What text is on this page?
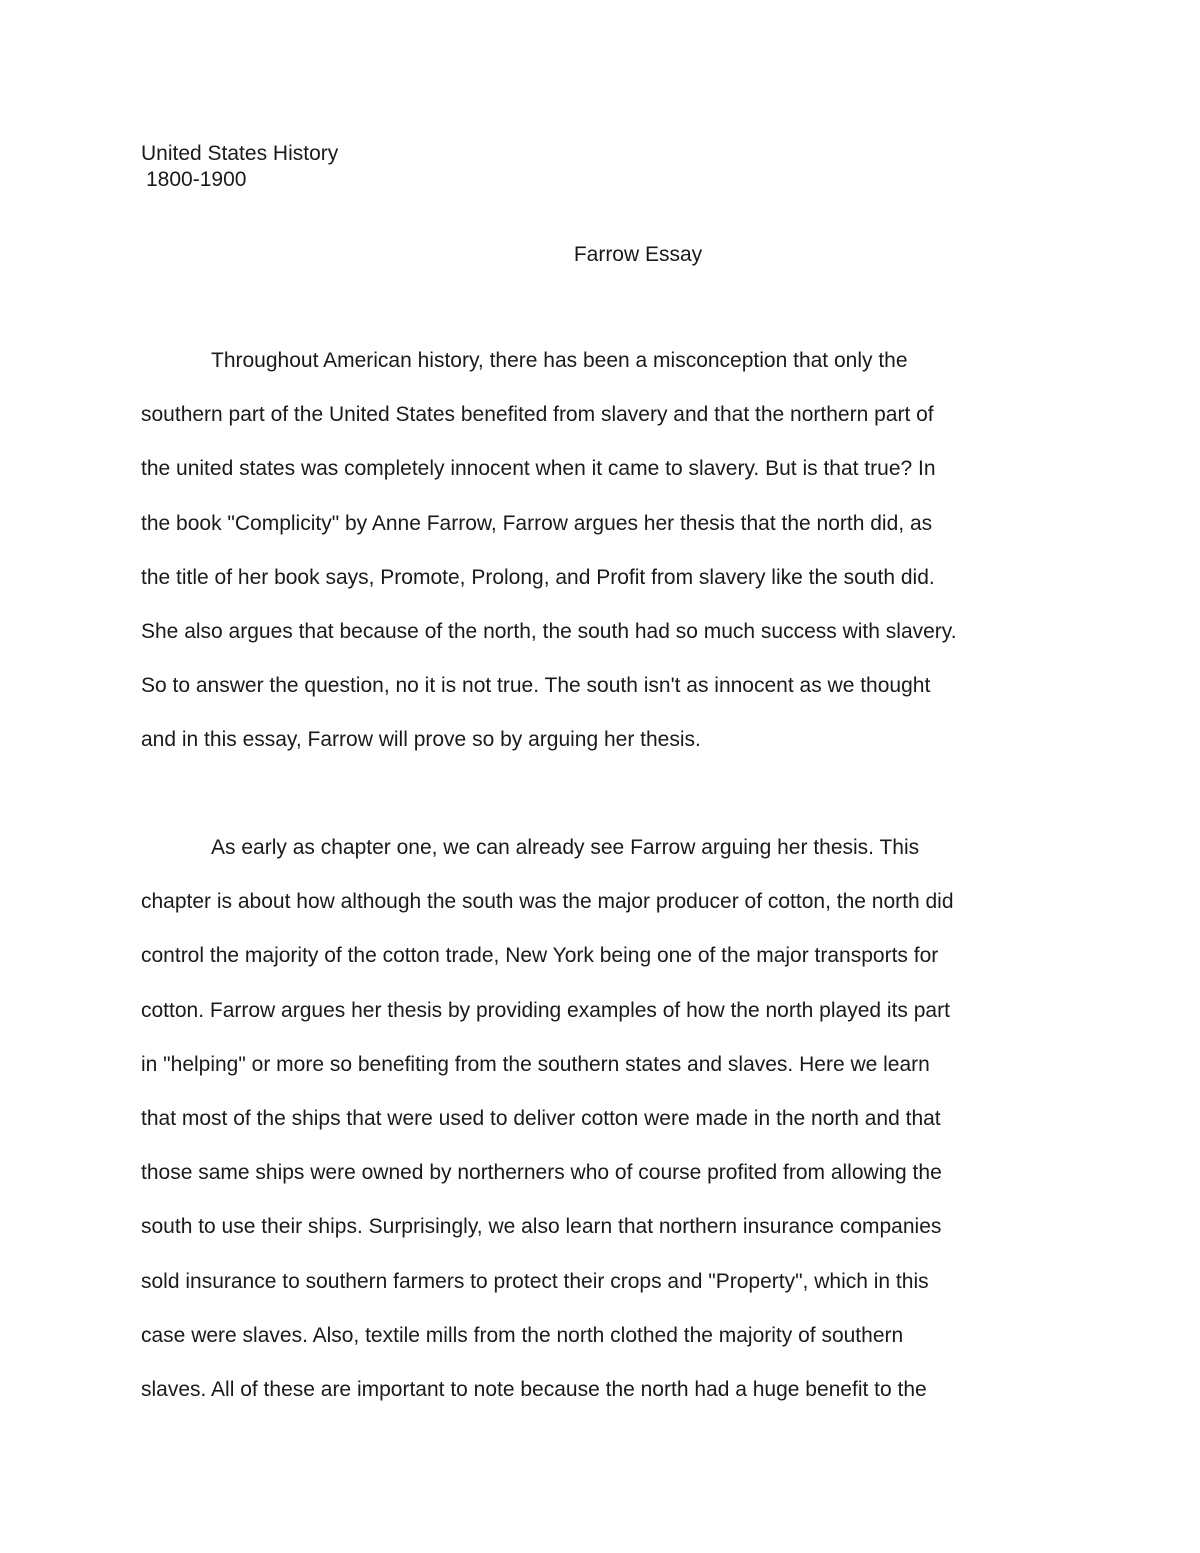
United States History
1800-1900
Farrow Essay
Throughout American history, there has been a misconception that only the
southern part of the United States benefited from slavery and that the northern part of
the united states was completely innocent when it came to slavery. But is that true? In
the book "Complicity" by Anne Farrow, Farrow argues her thesis that the north did, as
the title of her book says, Promote, Prolong, and Profit from slavery like the south did.
She also argues that because of the north, the south had so much success with slavery.
So to answer the question, no it is not true. The south isn't as innocent as we thought
and in this essay, Farrow will prove so by arguing her thesis.
As early as chapter one, we can already see Farrow arguing her thesis. This
chapter is about how although the south was the major producer of cotton, the north did
control the majority of the cotton trade, New York being one of the major transports for
cotton. Farrow argues her thesis by providing examples of how the north played its part
in "helping" or more so benefiting from the southern states and slaves. Here we learn
that most of the ships that were used to deliver cotton were made in the north and that
those same ships were owned by northerners who of course profited from allowing the
south to use their ships. Surprisingly, we also learn that northern insurance companies
sold insurance to southern farmers to protect their crops and "Property", which in this
case were slaves. Also, textile mills from the north clothed the majority of southern
slaves. All of these are important to note because the north had a huge benefit to the
